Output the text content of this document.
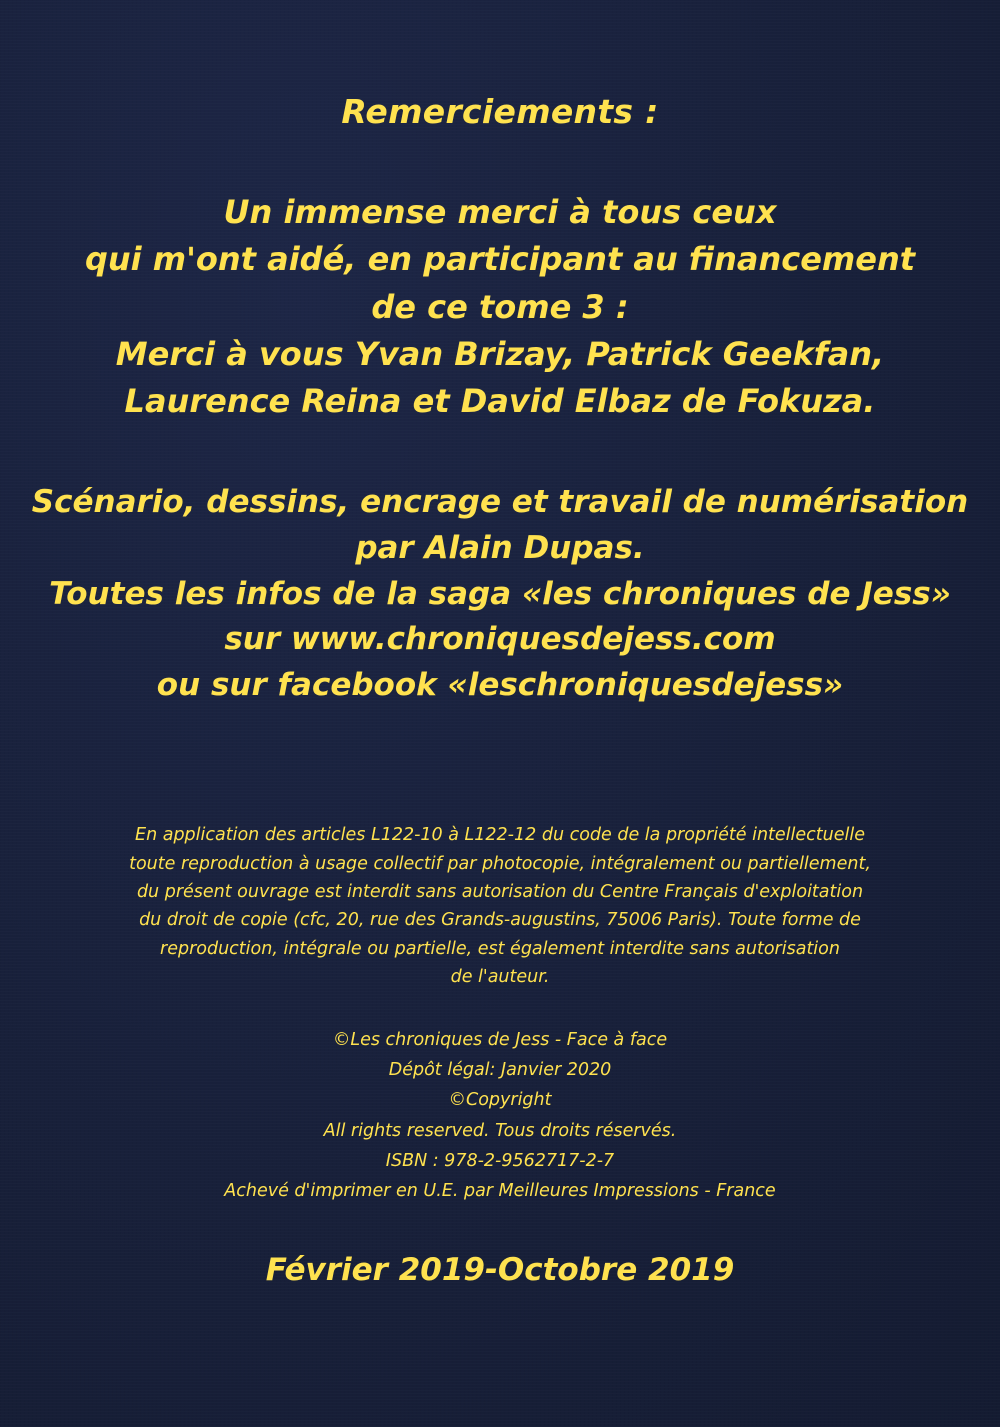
Remerciements :
Un immense merci à tous ceux
qui m'ont aidé, en participant au financement
de ce tome 3 :
Merci à vous Yvan Brizay, Patrick Geekfan,
Laurence Reina et David Elbaz de Fokuza.
Scénario, dessins, encrage et travail de numérisation
par Alain Dupas.
Toutes les infos de la saga «les chroniques de Jess»
sur www.chroniquesdejess.com
ou sur facebook «leschroniquesdejess»
En application des articles L122-10 à L122-12 du code de la propriété intellectuelle
toute reproduction à usage collectif par photocopie, intégralement ou partiellement,
du présent ouvrage est interdit sans autorisation du Centre Français d'exploitation
du droit de copie (cfc, 20, rue des Grands-augustins, 75006 Paris). Toute forme de
reproduction, intégrale ou partielle, est également interdite sans autorisation
de l'auteur.
©Les chroniques de Jess - Face à face
Dépôt légal: Janvier 2020
©Copyright
All rights reserved. Tous droits réservés.
ISBN : 978-2-9562717-2-7
Achevé d'imprimer en U.E. par Meilleures Impressions - France
Février 2019-Octobre 2019
